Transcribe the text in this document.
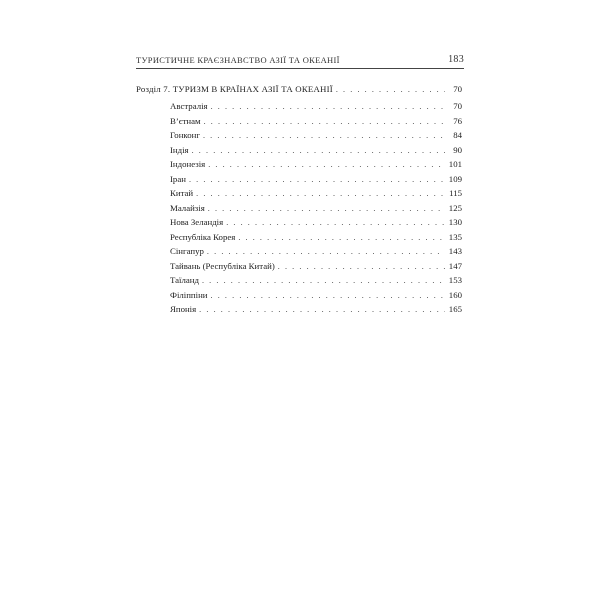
ТУРИСТИЧНЕ КРАЄЗНАВСТВО АЗІЇ ТА ОКЕАНІЇ	183
Розділ 7. ТУРИЗМ В КРАЇНАХ АЗІЇ ТА ОКЕАНІЇ . . .	70
Австралія . . .	70
В’єтнам . . .	76
Гонконг . . .	84
Індія . . .	90
Індонезія . . .	101
Іран . . .	109
Китай . . .	115
Малайзія . . .	125
Нова Зеландія . . .	130
Республіка Корея . . .	135
Сінгапур . . .	143
Тайвань (Республіка Китай) . . .	147
Таїланд . . .	153
Філіппіни . . .	160
Японія . . .	165
